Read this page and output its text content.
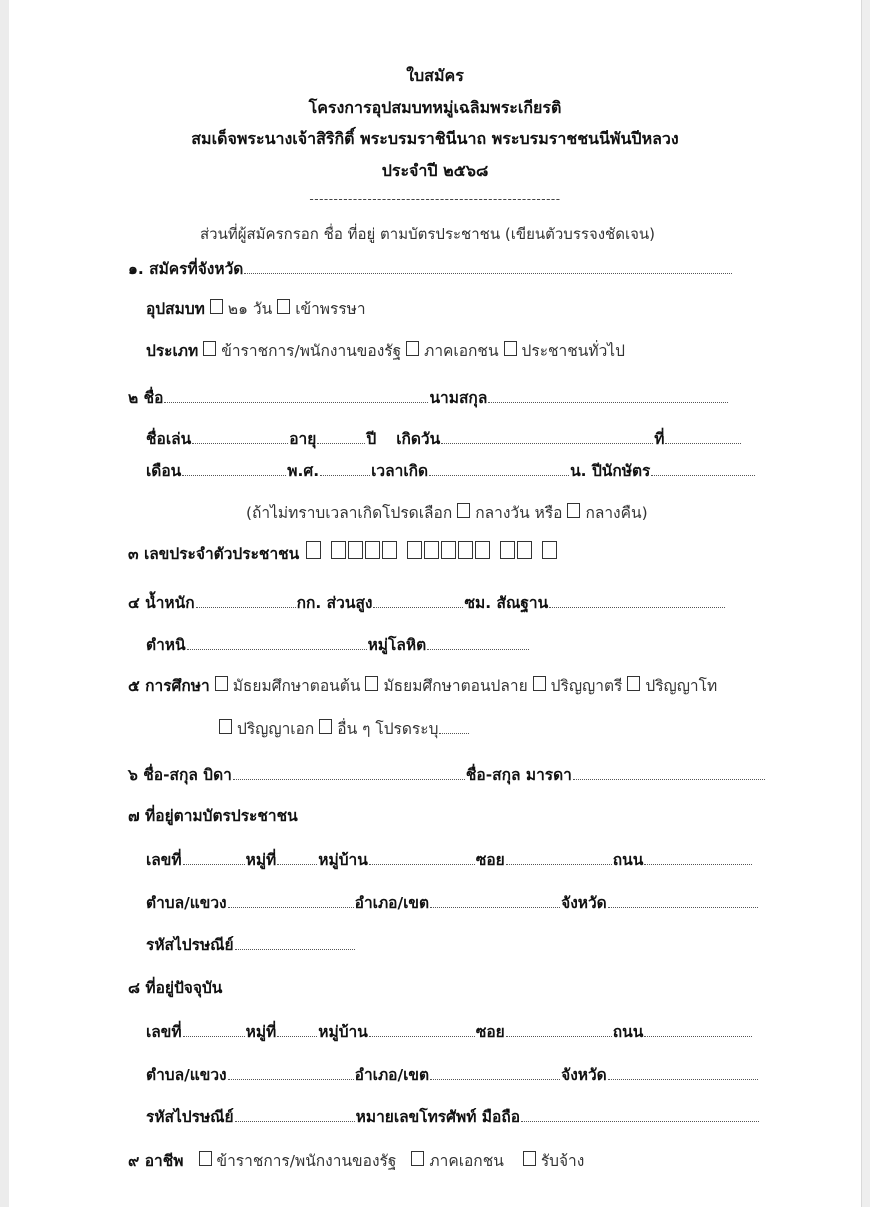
ใบสมัคร
โครงการอุปสมบทหมู่เฉลิมพระเกียรติ
สมเด็จพระนางเจ้าสิริกิติ์ พระบรมราชินีนาถ พระบรมราชชนนีพันปีหลวง
ประจำปี ๒๕๖๘
----------------------------------------------------
ส่วนที่ผู้สมัครกรอก ชื่อ ที่อยู่ ตามบัตรประชาชน (เขียนตัวบรรจงชัดเจน)
๑. สมัครที่จังหวัด
อุปสมบท ๒๑ วัน เข้าพรรษา
ประเภท ข้าราชการ/พนักงานของรัฐ ภาคเอกชน ประชาชนทั่วไป
๒ ชื่อ	นามสกุล
ชื่อเล่น	อายุ	ปี เกิดวัน	ที่
เดือน	พ.ศ.	เวลาเกิด	น. ปีนักษัตร
(ถ้าไม่ทราบเวลาเกิดโปรดเลือก กลางวัน หรือ กลางคืน)
๓ เลขประจำตัวประชาชน
๔ น้ำหนัก	กก. ส่วนสูง	ซม. สัณฐาน
ตำหนิ	หมู่โลหิต
๕ การศึกษา มัธยมศึกษาตอนต้น มัธยมศึกษาตอนปลาย ปริญญาตรี ปริญญาโท
ปริญญาเอก อื่น ๆ โปรดระบุ
๖ ชื่อ-สกุล บิดา	ชื่อ-สกุล มารดา
๗ ที่อยู่ตามบัตรประชาชน
เลขที่	หมู่ที่	หมู่บ้าน	ซอย	ถนน
ตำบล/แขวง	อำเภอ/เขต	จังหวัด
รหัสไปรษณีย์
๘ ที่อยู่ปัจจุบัน
เลขที่	หมู่ที่	หมู่บ้าน	ซอย	ถนน
ตำบล/แขวง	อำเภอ/เขต	จังหวัด
รหัสไปรษณีย์	หมายเลขโทรศัพท์ มือถือ
๙ อาชีพ ข้าราชการ/พนักงานของรัฐ ภาคเอกชน รับจ้าง
